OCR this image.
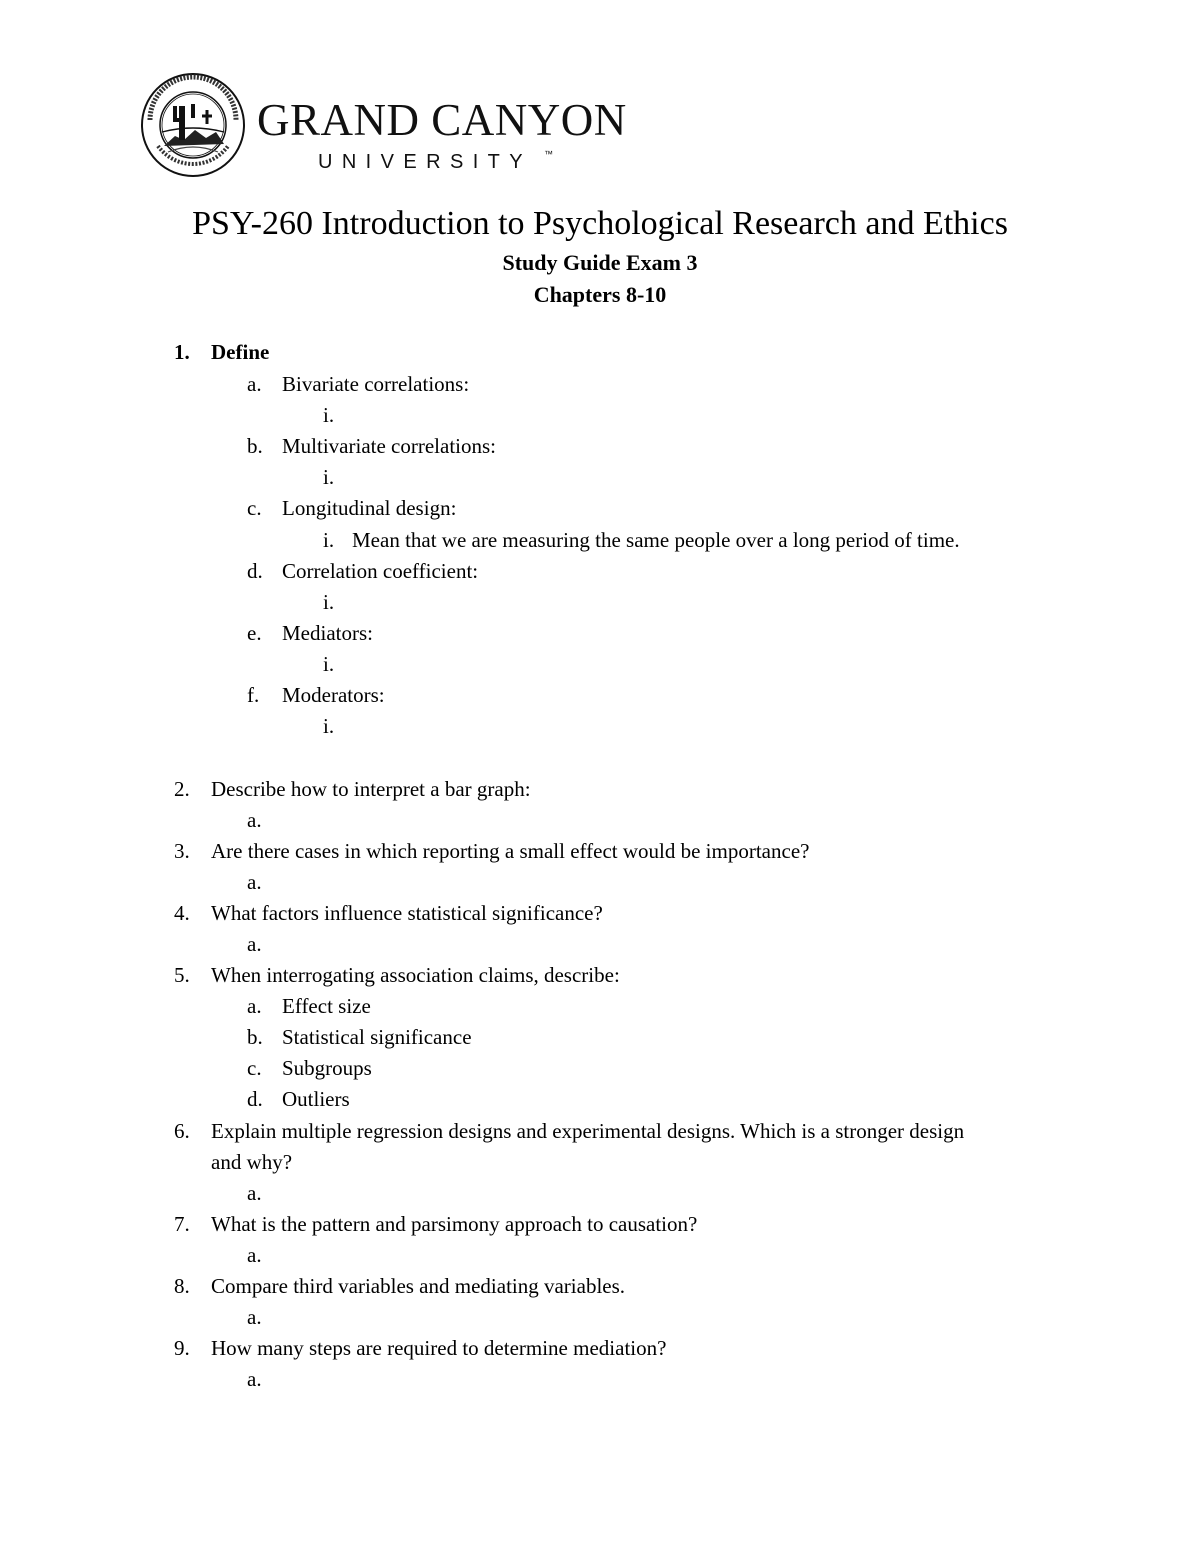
GRAND CANYON
UNIVERSITY ™
PSY-260 Introduction to Psychological Research and Ethics
Study Guide Exam 3
Chapters 8-10
1. Define
a. Bivariate correlations:
i.
b. Multivariate correlations:
i.
c. Longitudinal design:
i. Mean that we are measuring the same people over a long period of time.
d. Correlation coefficient:
i.
e. Mediators:
i.
f. Moderators:
i.
2. Describe how to interpret a bar graph:
a.
3. Are there cases in which reporting a small effect would be importance?
a.
4. What factors influence statistical significance?
a.
5. When interrogating association claims, describe:
a. Effect size
b. Statistical significance
c. Subgroups
d. Outliers
6. Explain multiple regression designs and experimental designs. Which is a stronger design
and why?
a.
7. What is the pattern and parsimony approach to causation?
a.
8. Compare third variables and mediating variables.
a.
9. How many steps are required to determine mediation?
a.
